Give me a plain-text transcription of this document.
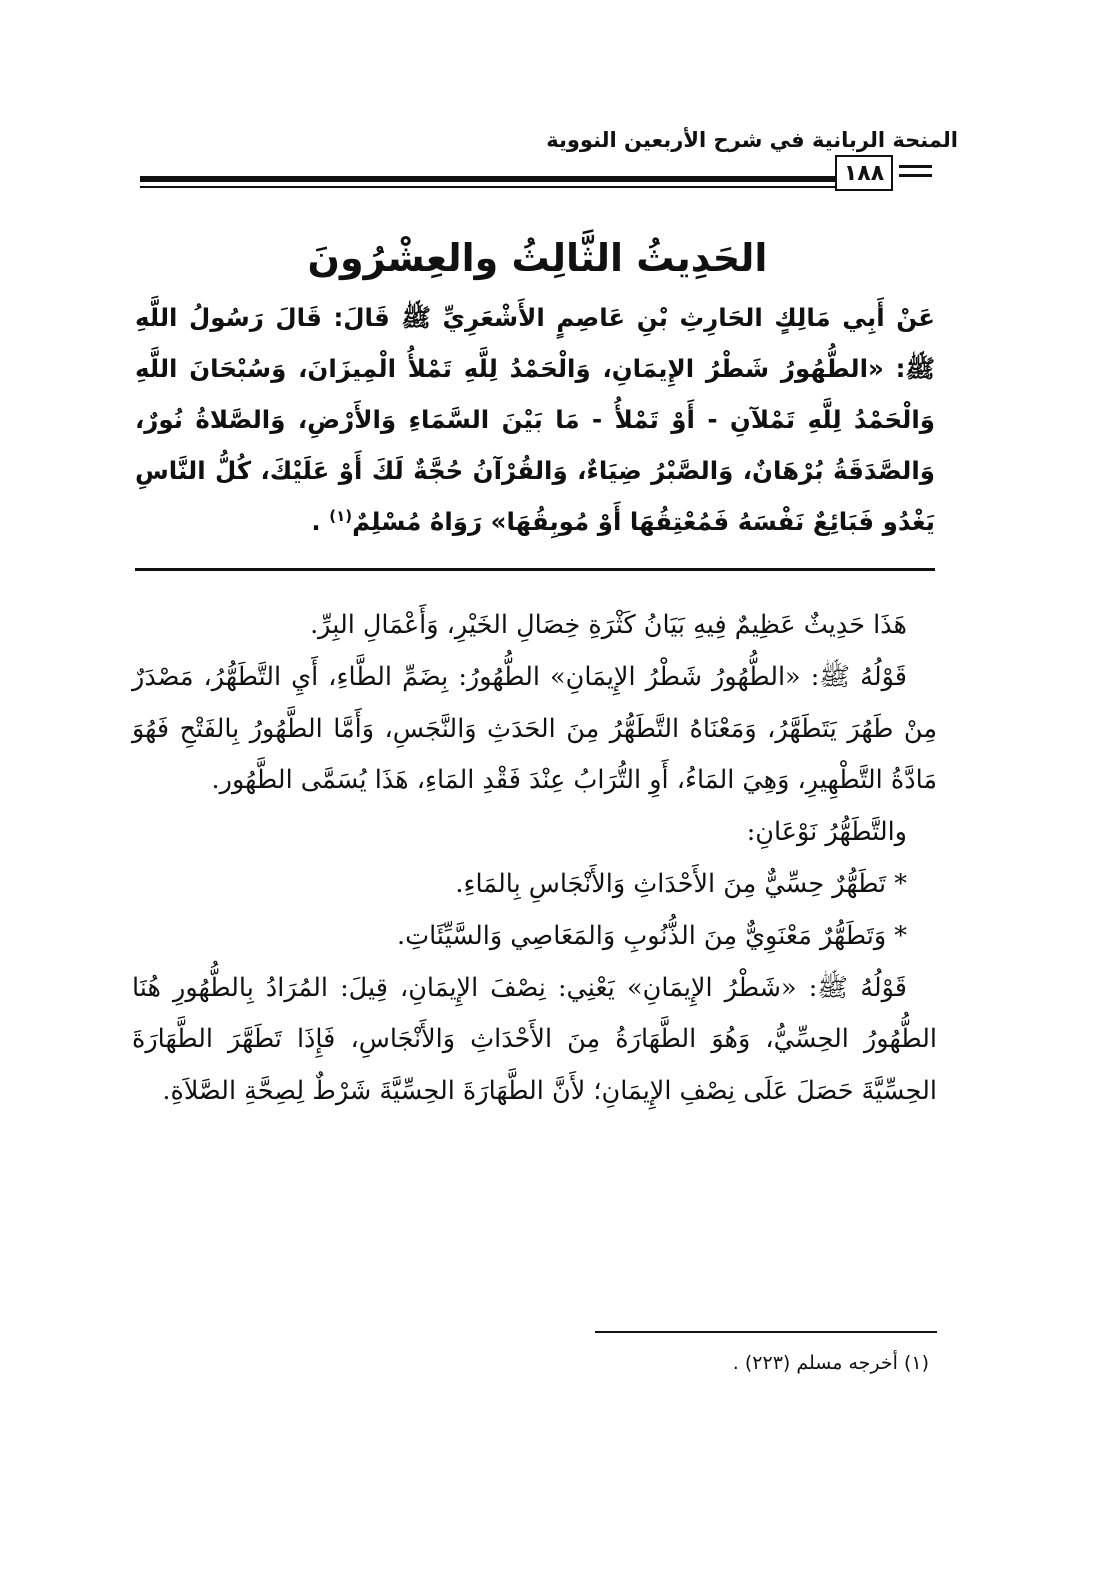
المنحة الربانية في شرح الأربعين النووية
١٨٨
الحَدِيثُ الثَّالِثُ والعِشْرُونَ

عَنْ أَبِي مَالِكٍ الحَارِثِ بْنِ عَاصِمٍ الأَشْعَرِيِّ ﷺ قَالَ: قَالَ رَسُولُ اللَّهِ ﷺ: «الطُّهُورُ شَطْرُ الإِيمَانِ، وَالْحَمْدُ لِلَّهِ تَمْلأُ الْمِيزَانَ، وَسُبْحَانَ اللَّهِ وَالْحَمْدُ لِلَّهِ تَمْلآنِ - أَوْ تَمْلأُ - مَا بَيْنَ السَّمَاءِ وَالأَرْضِ، وَالصَّلاةُ نُورٌ، وَالصَّدَقَةُ بُرْهَانٌ، وَالصَّبْرُ ضِيَاءٌ، وَالقُرْآنُ حُجَّةٌ لَكَ أَوْ عَلَيْكَ، كُلُّ النَّاسِ يَغْدُو فَبَائِعٌ نَفْسَهُ فَمُعْتِقُهَا أَوْ مُوبِقُهَا» رَوَاهُ مُسْلِمٌ$^{(١)}$ .

هَذَا حَدِيثٌ عَظِيمٌ فِيهِ بَيَانُ كَثْرَةِ خِصَالِ الخَيْرِ، وَأَعْمَالِ البِرِّ.

قَوْلُهُ ﷺ: «الطُّهُورُ شَطْرُ الإِيمَانِ» الطُّهُورُ: بِضَمِّ الطَّاءِ، أَيِ التَّطَهُّرُ، مَصْدَرٌ مِنْ طَهُرَ يَتَطَهَّرُ، وَمَعْنَاهُ التَّطَهُّرُ مِنَ الحَدَثِ وَالنَّجَسِ، وَأَمَّا الطَّهُورُ بِالفَتْحِ فَهُوَ مَادَّةُ التَّطْهِيرِ، وَهِيَ المَاءُ، أَوِ التُّرَابُ عِنْدَ فَقْدِ المَاءِ، هَذَا يُسَمَّى الطَّهُور.

والتَّطَهُّرُ نَوْعَانِ:

* تَطَهُّرٌ حِسِّيٌّ مِنَ الأَحْدَاثِ وَالأَنْجَاسِ بِالمَاءِ.

* وَتَطَهُّرٌ مَعْنَوِيٌّ مِنَ الذُّنُوبِ وَالمَعَاصِي وَالسَّيِّئَاتِ.

قَوْلُهُ ﷺ: «شَطْرُ الإِيمَانِ» يَعْنِي: نِصْفَ الإِيمَانِ، قِيلَ: المُرَادُ بِالطُّهُورِ هُنَا الطُّهُورُ الحِسِّيُّ، وَهُوَ الطَّهَارَةُ مِنَ الأَحْدَاثِ وَالأَنْجَاسِ، فَإِذَا تَطَهَّرَ الطَّهَارَةَ الحِسِّيَّةَ حَصَلَ عَلَى نِصْفِ الإِيمَانِ؛ لأَنَّ الطَّهَارَةَ الحِسِّيَّةَ شَرْطٌ لِصِحَّةِ الصَّلاَةِ.

(١) أخرجه مسلم (٢٢٣) .
